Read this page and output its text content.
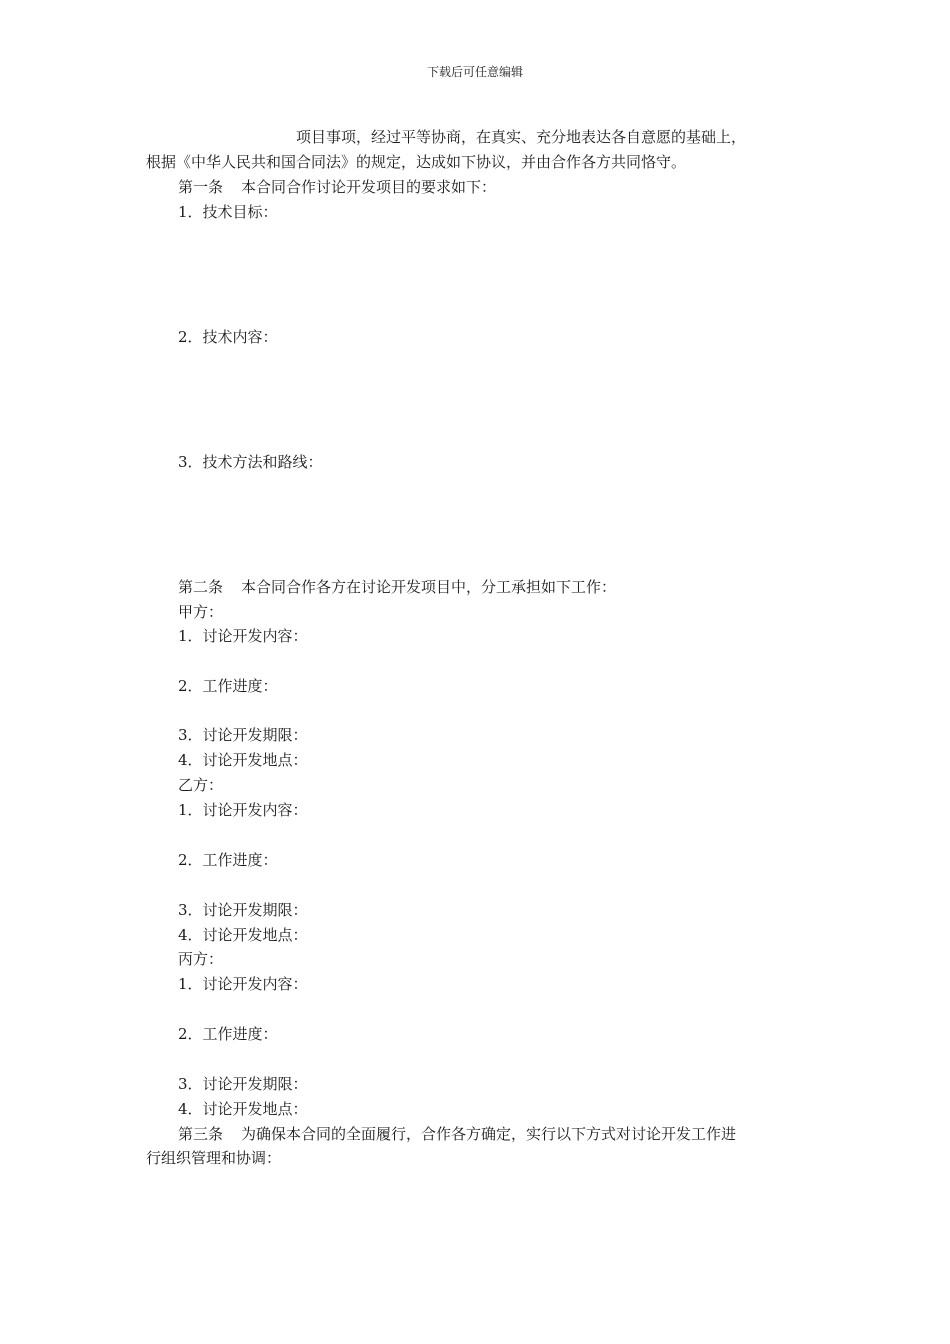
下载后可任意编辑
项目事项，经过平等协商，在真实、充分地表达各自意愿的基础上，
根据《中华人民共和国合同法》的规定，达成如下协议，并由合作各方共同恪守。
第一条 本合同合作讨论开发项目的要求如下：
1．技术目标：
2．技术内容：
3．技术方法和路线：
第二条 本合同合作各方在讨论开发项目中，分工承担如下工作：
甲方：
1．讨论开发内容：
2．工作进度：
3．讨论开发期限：
4．讨论开发地点：
乙方：
1．讨论开发内容：
2．工作进度：
3．讨论开发期限：
4．讨论开发地点：
丙方：
1．讨论开发内容：
2．工作进度：
3．讨论开发期限：
4．讨论开发地点：
第三条 为确保本合同的全面履行，合作各方确定，实行以下方式对讨论开发工作进
行组织管理和协调：
